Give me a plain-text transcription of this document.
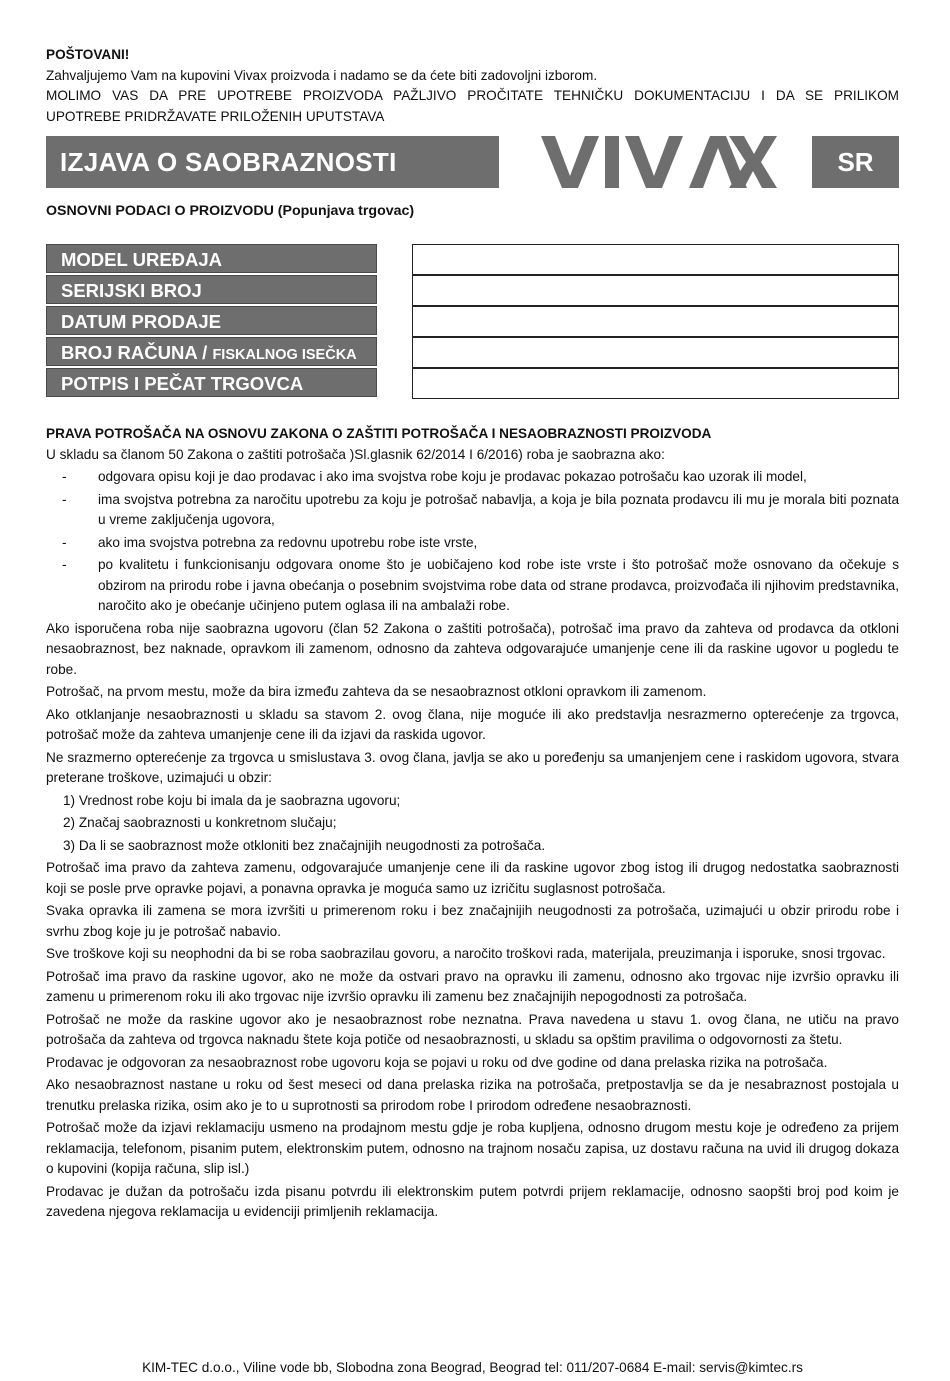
POŠTOVANI!
Zahvaljujemo Vam na kupovini Vivax proizvoda i nadamo se da ćete biti zadovoljni izborom.
MOLIMO VAS DA PRE UPOTREBE PROIZVODA PAŽLJIVO PROČITATE TEHNIČKU DOKUMENTACIJU I DA SE PRILIKOM
UPOTREBE PRIDRŽAVATE PRILOŽENIH UPUTSTAVA
IZJAVA O SAOBRAZNOSTI	SR
OSNOVNI PODACI O PROIZVODU (Popunjava trgovac)
MODEL UREĐAJA
SERIJSKI BROJ
DATUM PRODAJE
BROJ RAČUNA / FISKALNOG ISEČKA
POTPIS I PEČAT TRGOVCA

PRAVA POTROŠAČA NA OSNOVU ZAKONA O ZAŠTITI POTROŠAČA I NESAOBRAZNOSTI PROIZVODA

U skladu sa članom 50 Zakona o zaštiti potrošača )Sl.glasnik 62/2014 I 6/2016) roba je saobrazna ako:

- odgovara opisu koji je dao prodavac i ako ima svojstva robe koju je prodavac pokazao potrošaču kao uzorak ili model,
- ima svojstva potrebna za naročitu upotrebu za koju je potrošač nabavlja, a koja je bila poznata prodavcu ili mu je morala biti poznata u vreme zaključenja ugovora,
- ako ima svojstva potrebna za redovnu upotrebu robe iste vrste,
- po kvalitetu i funkcionisanju odgovara onome što je uobičajeno kod robe iste vrste i što potrošač može osnovano da očekuje s obzirom na prirodu robe i javna obećanja o posebnim svojstvima robe data od strane prodavca, proizvođača ili njihovim predstavnika, naročito ako je obećanje učinjeno putem oglasa ili na ambalaži robe.

Ako isporučena roba nije saobrazna ugovoru (član 52 Zakona o zaštiti potrošača), potrošač ima pravo da zahteva od prodavca da otkloni nesaobraznost, bez naknade, opravkom ili zamenom, odnosno da zahteva odgovarajuće umanjenje cene ili da raskine ugovor u pogledu te robe.

Potrošač, na prvom mestu, može da bira između zahteva da se nesaobraznost otkloni opravkom ili zamenom.

Ako otklanjanje nesaobraznosti u skladu sa stavom 2. ovog člana, nije moguće ili ako predstavlja nesrazmerno opterećenje za trgovca, potrošač može da zahteva umanjenje cene ili da izjavi da raskida ugovor.

Ne srazmerno opterećenje za trgovca u smislustava 3. ovog člana, javlja se ako u poređenju sa umanjenjem cene i raskidom ugovora, stvara preterane troškove, uzimajući u obzir:

1) Vrednost robe koju bi imala da je saobrazna ugovoru;

2) Značaj saobraznosti u konkretnom slučaju;

3) Da li se saobraznost može otkloniti bez značajnijih neugodnosti za potrošača.

Potrošač ima pravo da zahteva zamenu, odgovarajuće umanjenje cene ili da raskine ugovor zbog istog ili drugog nedostatka saobraznosti koji se posle prve opravke pojavi, a ponavna opravka je moguća samo uz izričitu suglasnost potrošača.

Svaka opravka ili zamena se mora izvršiti u primerenom roku i bez značajnijih neugodnosti za potrošača, uzimajući u obzir prirodu robe i svrhu zbog koje ju je potrošač nabavio.

Sve troškove koji su neophodni da bi se roba saobrazilau govoru, a naročito troškovi rada, materijala, preuzimanja i isporuke, snosi trgovac.

Potrošač ima pravo da raskine ugovor, ako ne može da ostvari pravo na opravku ili zamenu, odnosno ako trgovac nije izvršio opravku ili zamenu u primerenom roku ili ako trgovac nije izvršio opravku ili zamenu bez značajnijih nepogodnosti za potrošača.

Potrošač ne može da raskine ugovor ako je nesaobraznost robe neznatna. Prava navedena u stavu 1. ovog člana, ne utiču na pravo potrošača da zahteva od trgovca naknadu štete koja potiče od nesaobraznosti, u skladu sa opštim pravilima o odgovornosti za štetu.

Prodavac je odgovoran za nesaobraznost robe ugovoru koja se pojavi u roku od dve godine od dana prelaska rizika na potrošača.

Ako nesaobraznost nastane u roku od šest meseci od dana prelaska rizika na potrošača, pretpostavlja se da je nesabraznost postojala u trenutku prelaska rizika, osim ako je to u suprotnosti sa prirodom robe I prirodom određene nesaobraznosti.

Potrošač može da izjavi reklamaciju usmeno na prodajnom mestu gdje je roba kupljena, odnosno drugom mestu koje je određeno za prijem reklamacija, telefonom, pisanim putem, elektronskim putem, odnosno na trajnom nosaču zapisa, uz dostavu računa na uvid ili drugog dokaza o kupovini (kopija računa, slip isl.)

Prodavac je dužan da potrošaču izda pisanu potvrdu ili elektronskim putem potvrdi prijem reklamacije, odnosno saopšti broj pod koim je zavedena njegova reklamacija u evidenciji primljenih reklamacija.

KIM-TEC d.o.o., Viline vode bb, Slobodna zona Beograd, Beograd tel: 011/207-0684 E-mail: servis@kimtec.rs
